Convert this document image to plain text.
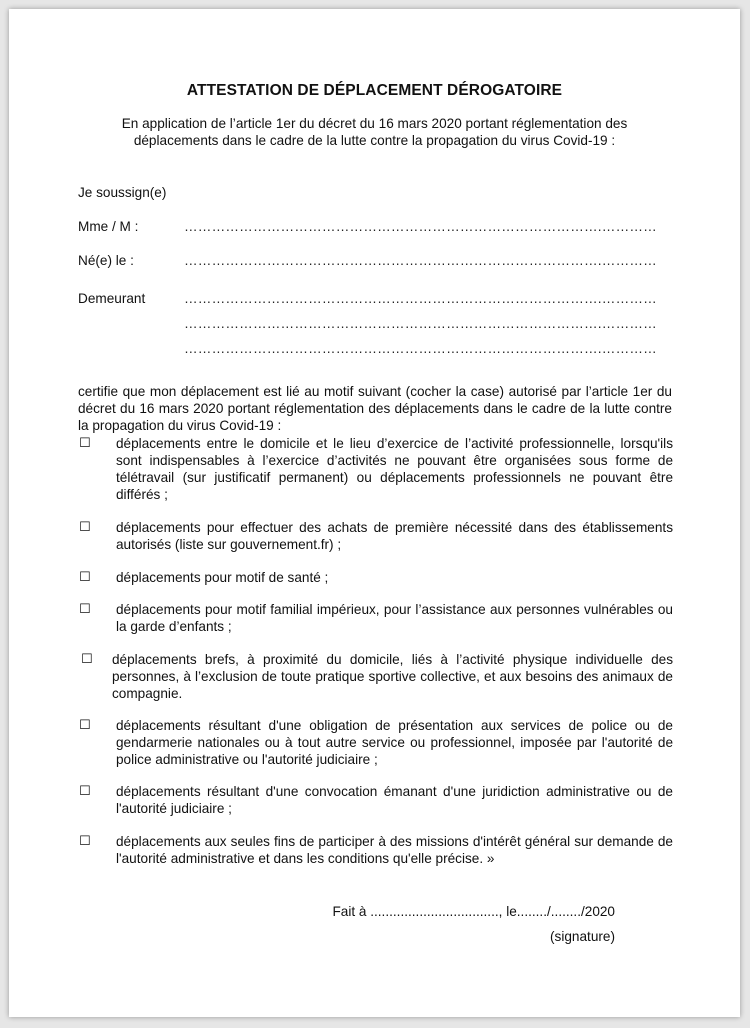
ATTESTATION DE DÉPLACEMENT DÉROGATOIRE
En application de l’article 1er du décret du 16 mars 2020 portant réglementation des
déplacements dans le cadre de la lutte contre la propagation du virus Covid-19 :
Je soussign(e)
Mme / M :	……………………………………………………………………………….…………
Né(e) le :	……………………………………………………………………………….…………
Demeurant	……………………………………………………………………………….…………
……………………………………………………………………………….…………
……………………………………………………………………………….…………
certifie que mon déplacement est lié au motif suivant (cocher la case) autorisé par l’article 1er du décret du 16 mars 2020 portant réglementation des déplacements dans le cadre de la lutte contre la propagation du virus Covid-19 :
☐ déplacements entre le domicile et le lieu d’exercice de l’activité professionnelle, lorsqu'ils sont indispensables à l’exercice d’activités ne pouvant être organisées sous forme de télétravail (sur justificatif permanent) ou déplacements professionnels ne pouvant être différés ;
☐ déplacements pour effectuer des achats de première nécessité dans des établissements autorisés (liste sur gouvernement.fr) ;
☐ déplacements pour motif de santé ;
☐ déplacements pour motif familial impérieux, pour l’assistance aux personnes vulnérables ou la garde d’enfants ;
☐ déplacements brefs, à proximité du domicile, liés à l’activité physique individuelle des personnes, à l’exclusion de toute pratique sportive collective, et aux besoins des animaux de compagnie.
☐ déplacements résultant d'une obligation de présentation aux services de police ou de gendarmerie nationales ou à tout autre service ou professionnel, imposée par l'autorité de police administrative ou l'autorité judiciaire ;
☐ déplacements résultant d'une convocation émanant d'une juridiction administrative ou de l'autorité judiciaire ;
☐ déplacements aux seules fins de participer à des missions d'intérêt général sur demande de l'autorité administrative et dans les conditions qu'elle précise. »
Fait à .................................., le......../......../2020
(signature)
